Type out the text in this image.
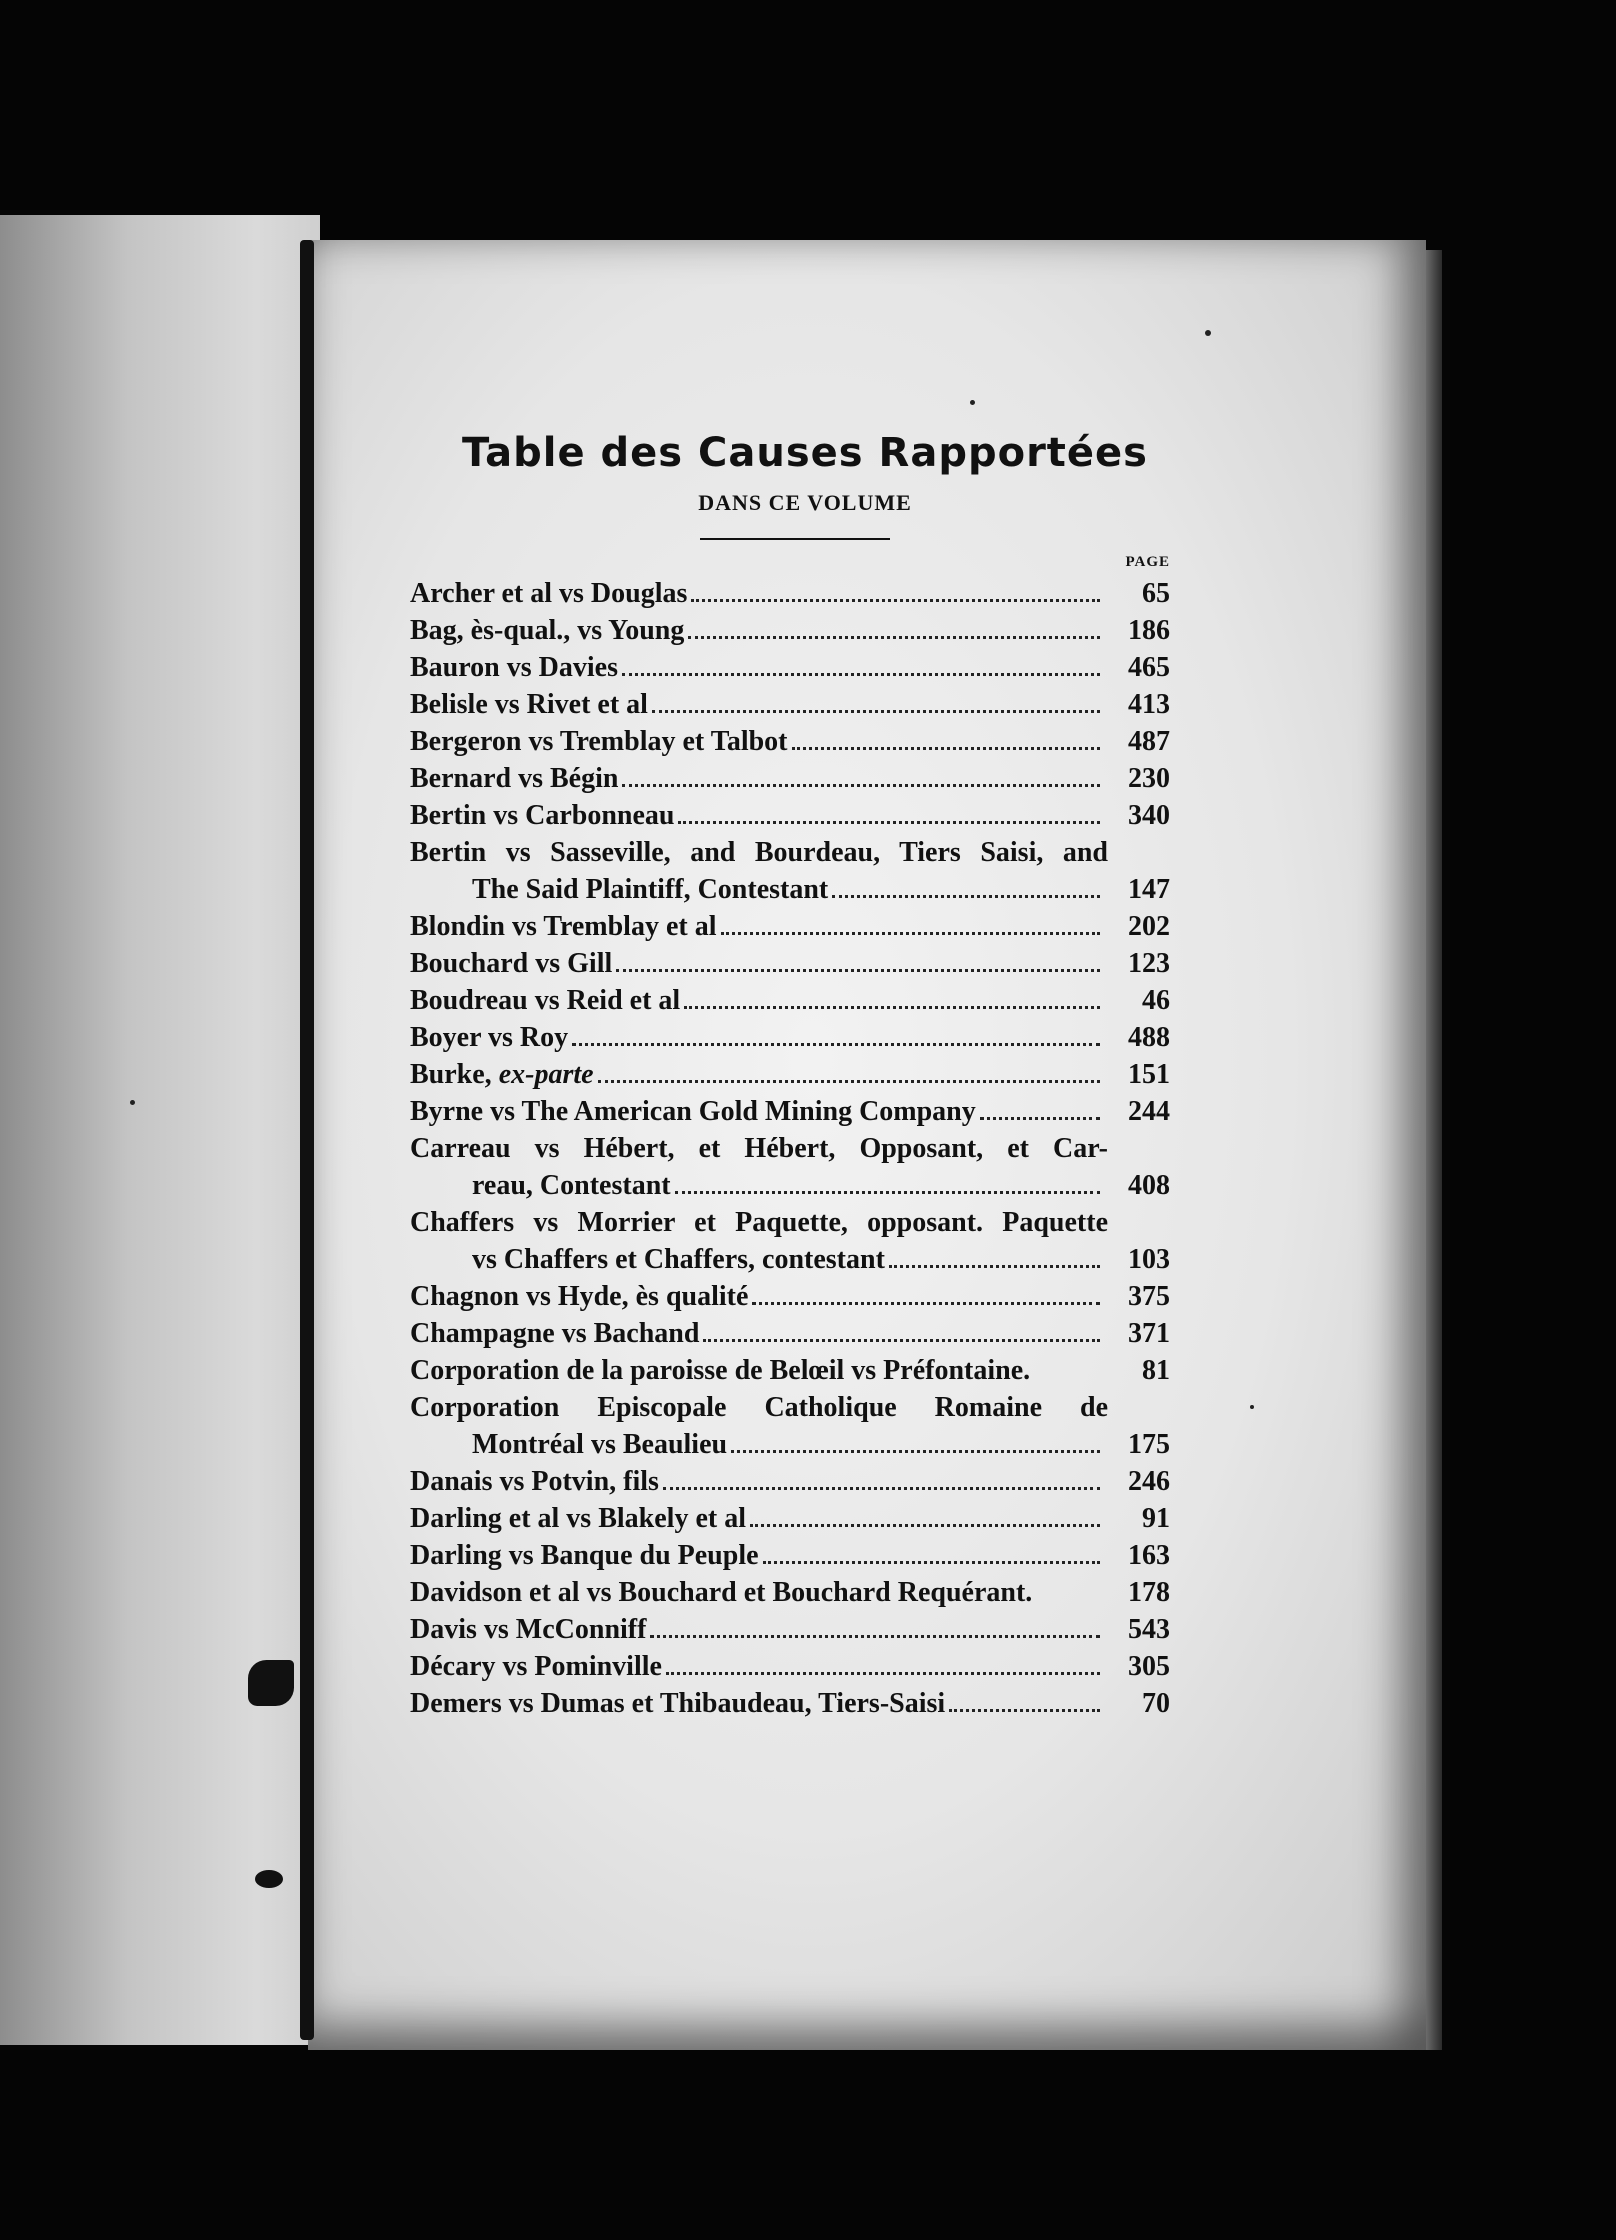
Table des Causes Rapportées
DANS CE VOLUME
PAGE
Archer et al vs Douglas	65
Bag, ès-qual., vs Young	186
Bauron vs Davies	465
Belisle vs Rivet et al	413
Bergeron vs Tremblay et Talbot	487
Bernard vs Bégin	230
Bertin vs Carbonneau	340
Bertin vs Sasseville, and Bourdeau, Tiers Saisi, and
The Said Plaintiff, Contestant	147
Blondin vs Tremblay et al	202
Bouchard vs Gill	123
Boudreau vs Reid et al	46
Boyer vs Roy	488
Burke, ex-parte	151
Byrne vs The American Gold Mining Company	244
Carreau vs Hébert, et Hébert, Opposant, et Car-
reau, Contestant	408
Chaffers vs Morrier et Paquette, opposant. Paquette
vs Chaffers et Chaffers, contestant	103
Chagnon vs Hyde, ès qualité	375
Champagne vs Bachand	371
Corporation de la paroisse de Belœil vs Préfontaine.	81
Corporation Episcopale Catholique Romaine de
Montréal vs Beaulieu	175
Danais vs Potvin, fils	246
Darling et al vs Blakely et al	91
Darling vs Banque du Peuple	163
Davidson et al vs Bouchard et Bouchard Requérant.	178
Davis vs McConniff	543
Décary vs Pominville	305
Demers vs Dumas et Thibaudeau, Tiers-Saisi	70
